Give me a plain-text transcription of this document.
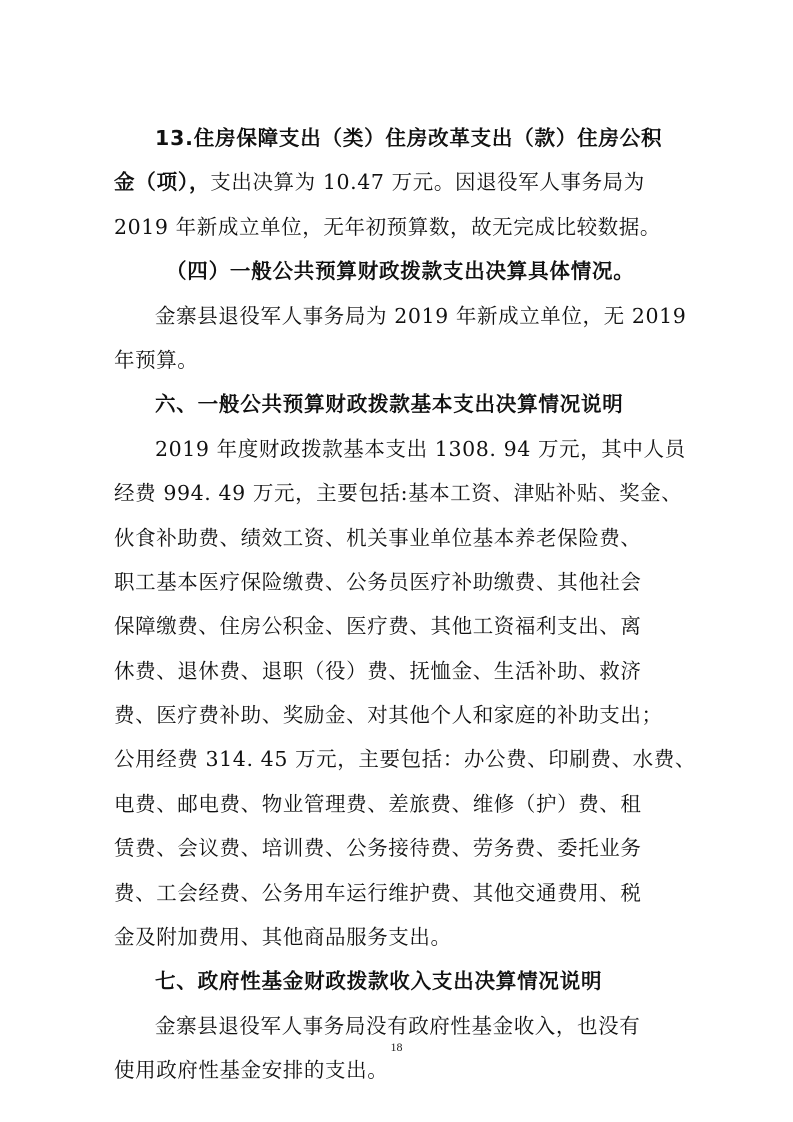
13.住房保障支出（类）住房改革支出（款）住房公积
金（项），支出决算为 10.47 万元。因退役军人事务局为
2019 年新成立单位，无年初预算数，故无完成比较数据。
（四）一般公共预算财政拨款支出决算具体情况。
金寨县退役军人事务局为 2019 年新成立单位，无 2019
年预算。
六、一般公共预算财政拨款基本支出决算情况说明
2019 年度财政拨款基本支出 1308. 94 万元，其中人员
经费 994. 49 万元，主要包括:基本工资、津贴补贴、奖金、
伙食补助费、绩效工资、机关事业单位基本养老保险费、
职工基本医疗保险缴费、公务员医疗补助缴费、其他社会
保障缴费、住房公积金、医疗费、其他工资福利支出、离
休费、退休费、退职（役）费、抚恤金、生活补助、救济
费、医疗费补助、奖励金、对其他个人和家庭的补助支出；
公用经费 314. 45 万元，主要包括：办公费、印刷费、水费、
电费、邮电费、物业管理费、差旅费、维修（护）费、租
赁费、会议费、培训费、公务接待费、劳务费、委托业务
费、工会经费、公务用车运行维护费、其他交通费用、税
金及附加费用、其他商品服务支出。
七、政府性基金财政拨款收入支出决算情况说明
金寨县退役军人事务局没有政府性基金收入，也没有
使用政府性基金安排的支出。
18
